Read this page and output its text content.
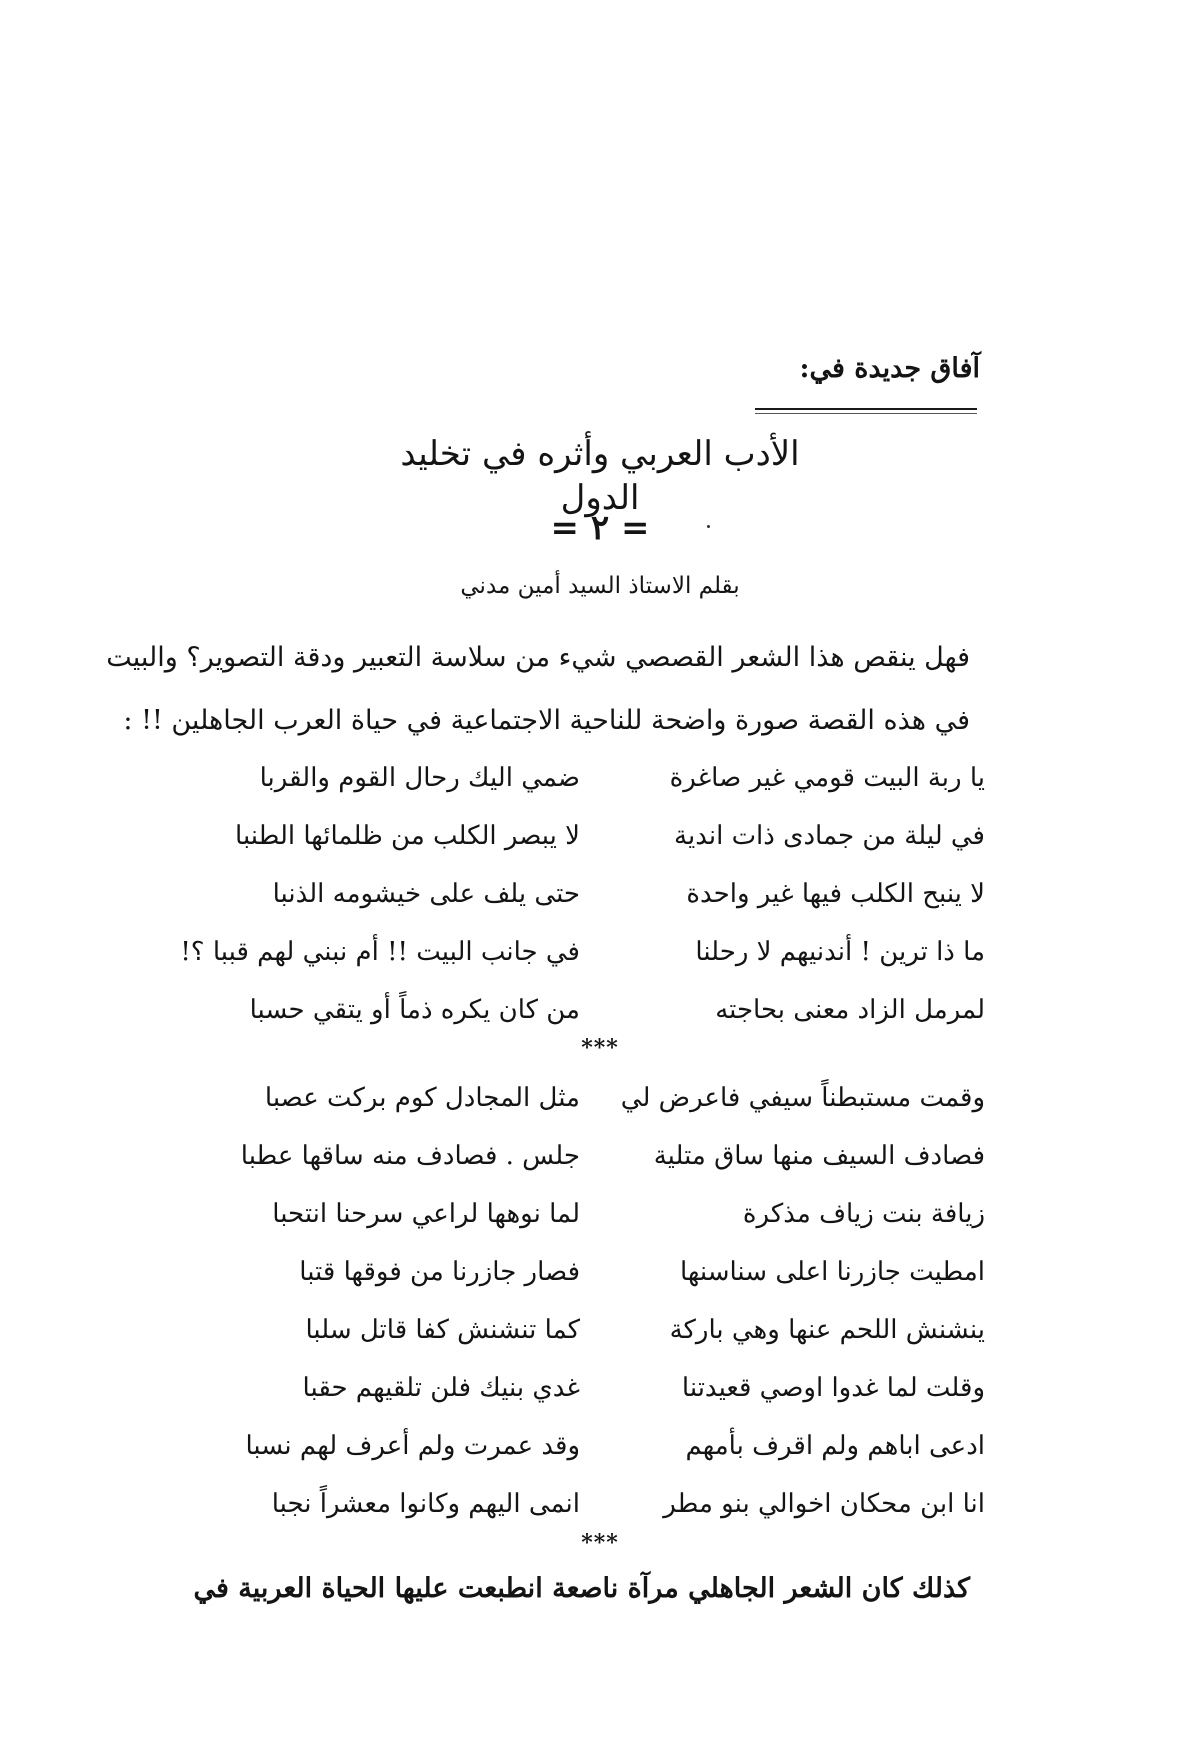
آفاق جديدة في:
الأدب العربي وأثره في تخليد الدول
= ٢ =
بقلم الاستاذ السيد أمين مدني
فهل ينقص هذا الشعر القصصي شيء من سلاسة التعبير ودقة التصوير؟ والبيت
في هذه القصة صورة واضحة للناحية الاجتماعية في حياة العرب الجاهلين !! :
يا ربة البيت قومي غير صاغرة
ضمي اليك رحال القوم والقربا
في ليلة من جمادى ذات اندية
لا يبصر الكلب من ظلمائها الطنبا
لا ينبح الكلب فيها غير واحدة
حتى يلف على خيشومه الذنبا
ما ذا ترين ! أندنيهم لا رحلنا
في جانب البيت !! أم نبني لهم قببا ؟!
لمرمل الزاد معنى بحاجته
من كان يكره ذماً أو يتقي حسبا
***
وقمت مستبطناً سيفي فاعرض لي
مثل المجادل كوم بركت عصبا
فصادف السيف منها ساق متلية
جلس . فصادف منه ساقها عطبا
زيافة بنت زياف مذكرة
لما نوهها لراعي سرحنا انتحبا
امطيت جازرنا اعلى سناسنها
فصار جازرنا من فوقها قتبا
ينشنش اللحم عنها وهي باركة
كما تنشنش كفا قاتل سلبا
وقلت لما غدوا اوصي قعيدتنا
غدي بنيك فلن تلقيهم حقبا
ادعى اباهم ولم اقرف بأمهم
وقد عمرت ولم أعرف لهم نسبا
انا ابن محكان اخوالي بنو مطر
انمى اليهم وكانوا معشراً نجبا
***
كذلك كان الشعر الجاهلي مرآة ناصعة انطبعت عليها الحياة العربية في
